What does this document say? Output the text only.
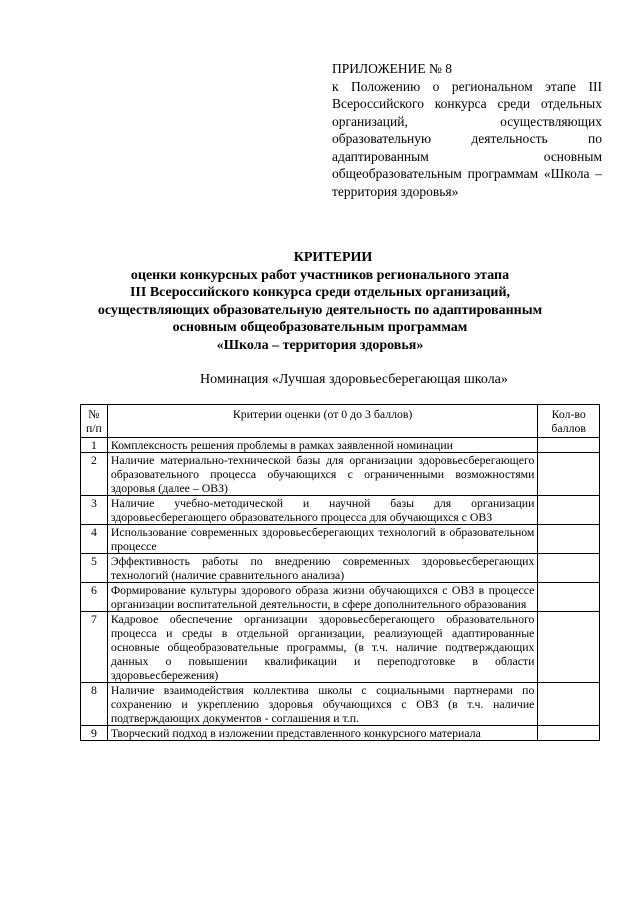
ПРИЛОЖЕНИЕ № 8
к Положению о региональном этапе III Всероссийского конкурса среди отдельных организаций, осуществляющих образовательную деятельность по адаптированным основным общеобразовательным программам «Школа – территория здоровья»
КРИТЕРИИ
оценки конкурсных работ участников регионального этапа
III Всероссийского конкурса среди отдельных организаций,
осуществляющих образовательную деятельность по адаптированным
основным общеобразовательным программам
«Школа – территория здоровья»
Номинация «Лучшая здоровьесберегающая школа»
№ п/п	Критерии оценки (от 0 до 3 баллов)	Кол-во баллов
1	Комплексность решения проблемы в рамках заявленной номинации	
2	Наличие материально-технической базы для организации здоровьесберегающего образовательного процесса обучающихся с ограниченными возможностями здоровья (далее – ОВЗ)	
3	Наличие учебно-методической и научной базы для организации здоровьесберегающего образовательного процесса для обучающихся с ОВЗ	
4	Использование современных здоровьесберегающих технологий в образовательном процессе	
5	Эффективность работы по внедрению современных здоровьесберегающих технологий (наличие сравнительного анализа)	
6	Формирование культуры здорового образа жизни обучающихся с ОВЗ в процессе организации воспитательной деятельности, в сфере дополнительного образования	
7	Кадровое обеспечение организации здоровьесберегающего образовательного процесса и среды в отдельной организации, реализующей адаптированные основные общеобразовательные программы, (в т.ч. наличие подтверждающих данных о повышении квалификации и переподготовке в области здоровьесбережения)	
8	Наличие взаимодействия коллектива школы с социальными партнерами по сохранению и укреплению здоровья обучающихся с ОВЗ (в т.ч. наличие подтверждающих документов - соглашения и т.п.	
9	Творческий подход в изложении представленного конкурсного материала	
